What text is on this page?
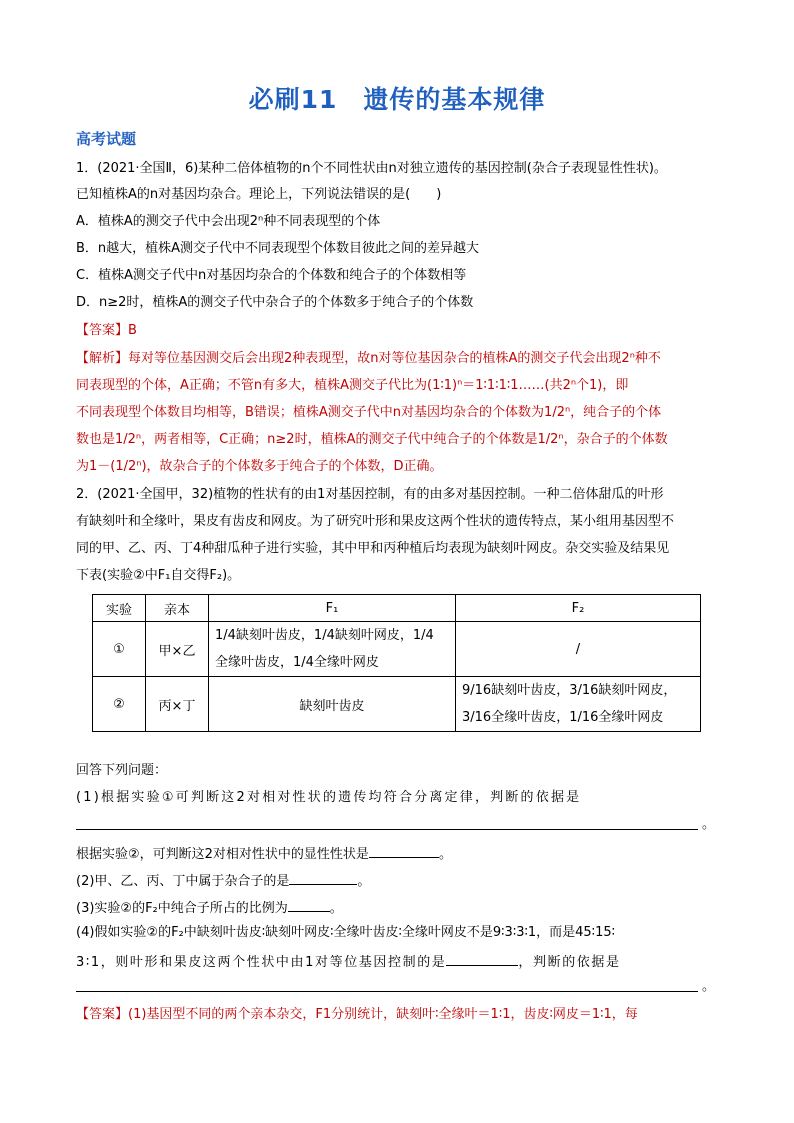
必刷11　遗传的基本规律
高考试题
1．(2021·全国Ⅱ，6)某种二倍体植物的n个不同性状由n对独立遗传的基因控制(杂合子表现显性性状)。
已知植株A的n对基因均杂合。理论上，下列说法错误的是(　　)
A．植株A的测交子代中会出现2ⁿ种不同表现型的个体
B．n越大，植株A测交子代中不同表现型个体数目彼此之间的差异越大
C．植株A测交子代中n对基因均杂合的个体数和纯合子的个体数相等
D．n≥2时，植株A的测交子代中杂合子的个体数多于纯合子的个体数
【答案】B
【解析】每对等位基因测交后会出现2种表现型，故n对等位基因杂合的植株A的测交子代会出现2ⁿ种不
同表现型的个体，A正确；不管n有多大，植株A测交子代比为(1∶1)ⁿ＝1∶1∶1∶1……(共2ⁿ个1)，即
不同表现型个体数目均相等，B错误；植株A测交子代中n对基因均杂合的个体数为1/2ⁿ，纯合子的个体
数也是1/2ⁿ，两者相等，C正确；n≥2时，植株A的测交子代中纯合子的个体数是1/2ⁿ，杂合子的个体数
为1－(1/2ⁿ)，故杂合子的个体数多于纯合子的个体数，D正确。
2．(2021·全国甲，32)植物的性状有的由1对基因控制，有的由多对基因控制。一种二倍体甜瓜的叶形
有缺刻叶和全缘叶，果皮有齿皮和网皮。为了研究叶形和果皮这两个性状的遗传特点，某小组用基因型不
同的甲、乙、丙、丁4种甜瓜种子进行实验，其中甲和丙种植后均表现为缺刻叶网皮。杂交实验及结果见
下表(实验②中F₁自交得F₂)。
实验	亲本	F₁	F₂
①	甲×乙	1/4缺刻叶齿皮，1/4缺刻叶网皮，1/4
全缘叶齿皮，1/4全缘叶网皮	/
②	丙×丁	缺刻叶齿皮	9/16缺刻叶齿皮，3/16缺刻叶网皮，
3/16全缘叶齿皮，1/16全缘叶网皮
回答下列问题：
(1)根据实验①可判断这2对相对性状的遗传均符合分离定律，判断的依据是
。
根据实验②，可判断这2对相对性状中的显性性状是	。
(2)甲、乙、丙、丁中属于杂合子的是	。
(3)实验②的F₂中纯合子所占的比例为	。
(4)假如实验②的F₂中缺刻叶齿皮∶缺刻叶网皮∶全缘叶齿皮∶全缘叶网皮不是9∶3∶3∶1，而是45∶15∶
3∶1，则叶形和果皮这两个性状中由1对等位基因控制的是	，判断的依据是
。
【答案】(1)基因型不同的两个亲本杂交，F1分别统计，缺刻叶∶全缘叶＝1∶1，齿皮∶网皮＝1∶1，每
